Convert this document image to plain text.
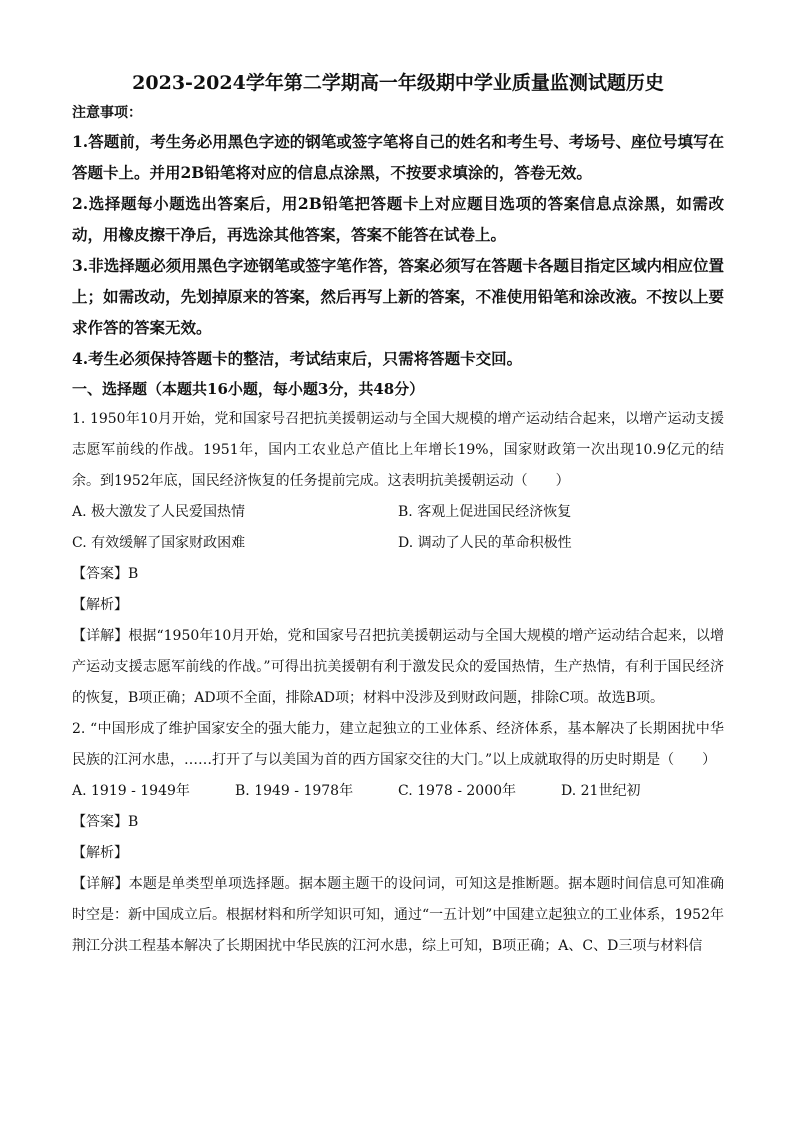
2023-2024学年第二学期高一年级期中学业质量监测试题历史
注意事项：
1.答题前，考生务必用黑色字迹的钢笔或签字笔将自己的姓名和考生号、考场号、座位号填写在答题卡上。并用2B铅笔将对应的信息点涂黑，不按要求填涂的，答卷无效。
2.选择题每小题选出答案后，用2B铅笔把答题卡上对应题目选项的答案信息点涂黑，如需改动，用橡皮擦干净后，再选涂其他答案，答案不能答在试卷上。
3.非选择题必须用黑色字迹钢笔或签字笔作答，答案必须写在答题卡各题目指定区域内相应位置上；如需改动，先划掉原来的答案，然后再写上新的答案，不准使用铅笔和涂改液。不按以上要求作答的答案无效。
4.考生必须保持答题卡的整洁，考试结束后，只需将答题卡交回。
一、选择题（本题共16小题，每小题3分，共48分）
1. 1950年10月开始，党和国家号召把抗美援朝运动与全国大规模的增产运动结合起来，以增产运动支援志愿军前线的作战。1951年，国内工农业总产值比上年增长19%，国家财政第一次出现10.9亿元的结余。到1952年底，国民经济恢复的任务提前完成。这表明抗美援朝运动（　　）
A. 极大激发了人民爱国热情	B. 客观上促进国民经济恢复
C. 有效缓解了国家财政困难	D. 调动了人民的革命积极性
【答案】B
【解析】
【详解】根据“1950年10月开始，党和国家号召把抗美援朝运动与全国大规模的增产运动结合起来，以增产运动支援志愿军前线的作战。”可得出抗美援朝有利于激发民众的爱国热情，生产热情，有利于国民经济的恢复，B项正确；AD项不全面，排除AD项；材料中没涉及到财政问题，排除C项。故选B项。
2. “中国形成了维护国家安全的强大能力，建立起独立的工业体系、经济体系，基本解决了长期困扰中华民族的江河水患，……打开了与以美国为首的西方国家交往的大门。”以上成就取得的历史时期是（　　）
A. 1919 - 1949年	B. 1949 - 1978年	C. 1978 - 2000年	D. 21世纪初
【答案】B
【解析】
【详解】本题是单类型单项选择题。据本题主题干的设问词，可知这是推断题。据本题时间信息可知准确时空是：新中国成立后。根据材料和所学知识可知，通过“一五计划”中国建立起独立的工业体系，1952年荆江分洪工程基本解决了长期困扰中华民族的江河水患，综上可知，B项正确；A、C、D三项与材料信
